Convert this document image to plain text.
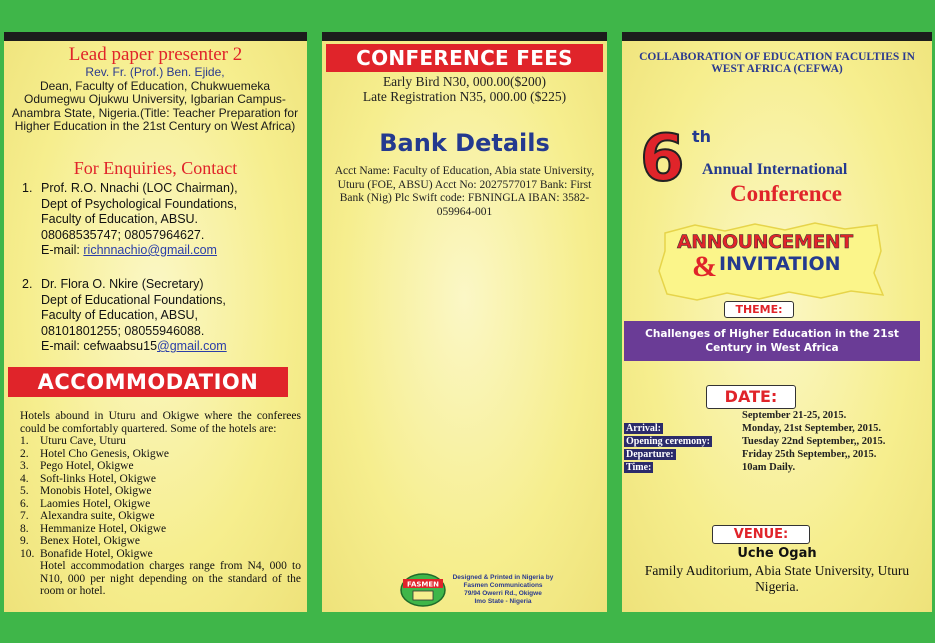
Lead paper presenter 2
Rev. Fr. (Prof.) Ben. Ejide,
Dean, Faculty of Education, Chukwuemeka Odumegwu Ojukwu University, Igbarian Campus-Anambra State, Nigeria.(Title: Teacher Preparation for Higher Education in the 21st Century on West Africa)
For Enquiries, Contact
1. Prof. R.O. Nnachi (LOC Chairman),
Dept of Psychological Foundations,
Faculty of Education, ABSU.
08068535747; 08057964627.
E-mail: richnnachio@gmail.com
2. Dr. Flora O. Nkire (Secretary)
Dept of Educational Foundations,
Faculty of Education, ABSU,
08101801255; 08055946088.
E-mail: cefwaabsu15@gmail.com
ACCOMMODATION
Hotels abound in Uturu and Okigwe where the conferees could be comfortably quartered. Some of the hotels are:
1. Uturu Cave, Uturu
2. Hotel Cho Genesis, Okigwe
3. Pego Hotel, Okigwe
4. Soft-links Hotel, Okigwe
5. Monobis Hotel, Okigwe
6. Laomies Hotel, Okigwe
7. Alexandra suite, Okigwe
8. Hemmanize Hotel, Okigwe
9. Benex Hotel, Okigwe
10. Bonafide Hotel, Okigwe
Hotel accommodation charges range from N4, 000 to N10, 000 per night depending on the standard of the room or hotel.
CONFERENCE FEES
Early Bird N30, 000.00($200)
Late Registration N35, 000.00 ($225)
Bank Details
Acct Name: Faculty of Education, Abia state University, Uturu (FOE, ABSU) Acct No: 2027577017 Bank: First Bank (Nig) Plc Swift code: FBNINGLA IBAN: 3582-059964-001
FASMEN
Designed & Printed in Nigeria by
Fasmen Communications
79/94 Owerri Rd., Okigwe
Imo State - Nigeria
COLLABORATION OF EDUCATION FACULTIES IN WEST AFRICA (CEFWA)
6 th
Annual International
Conference
ANNOUNCEMENT
& INVITATION
THEME:
Challenges of Higher Education in the 21st Century in West Africa
DATE:
September 21-25, 2015.
Arrival:	Monday, 21st September, 2015.
Opening ceremony:	Tuesday 22nd September,, 2015.
Departure:	Friday 25th September,, 2015.
Time:	10am Daily.
VENUE:
Uche Ogah
Family Auditorium, Abia State University, Uturu Nigeria.
